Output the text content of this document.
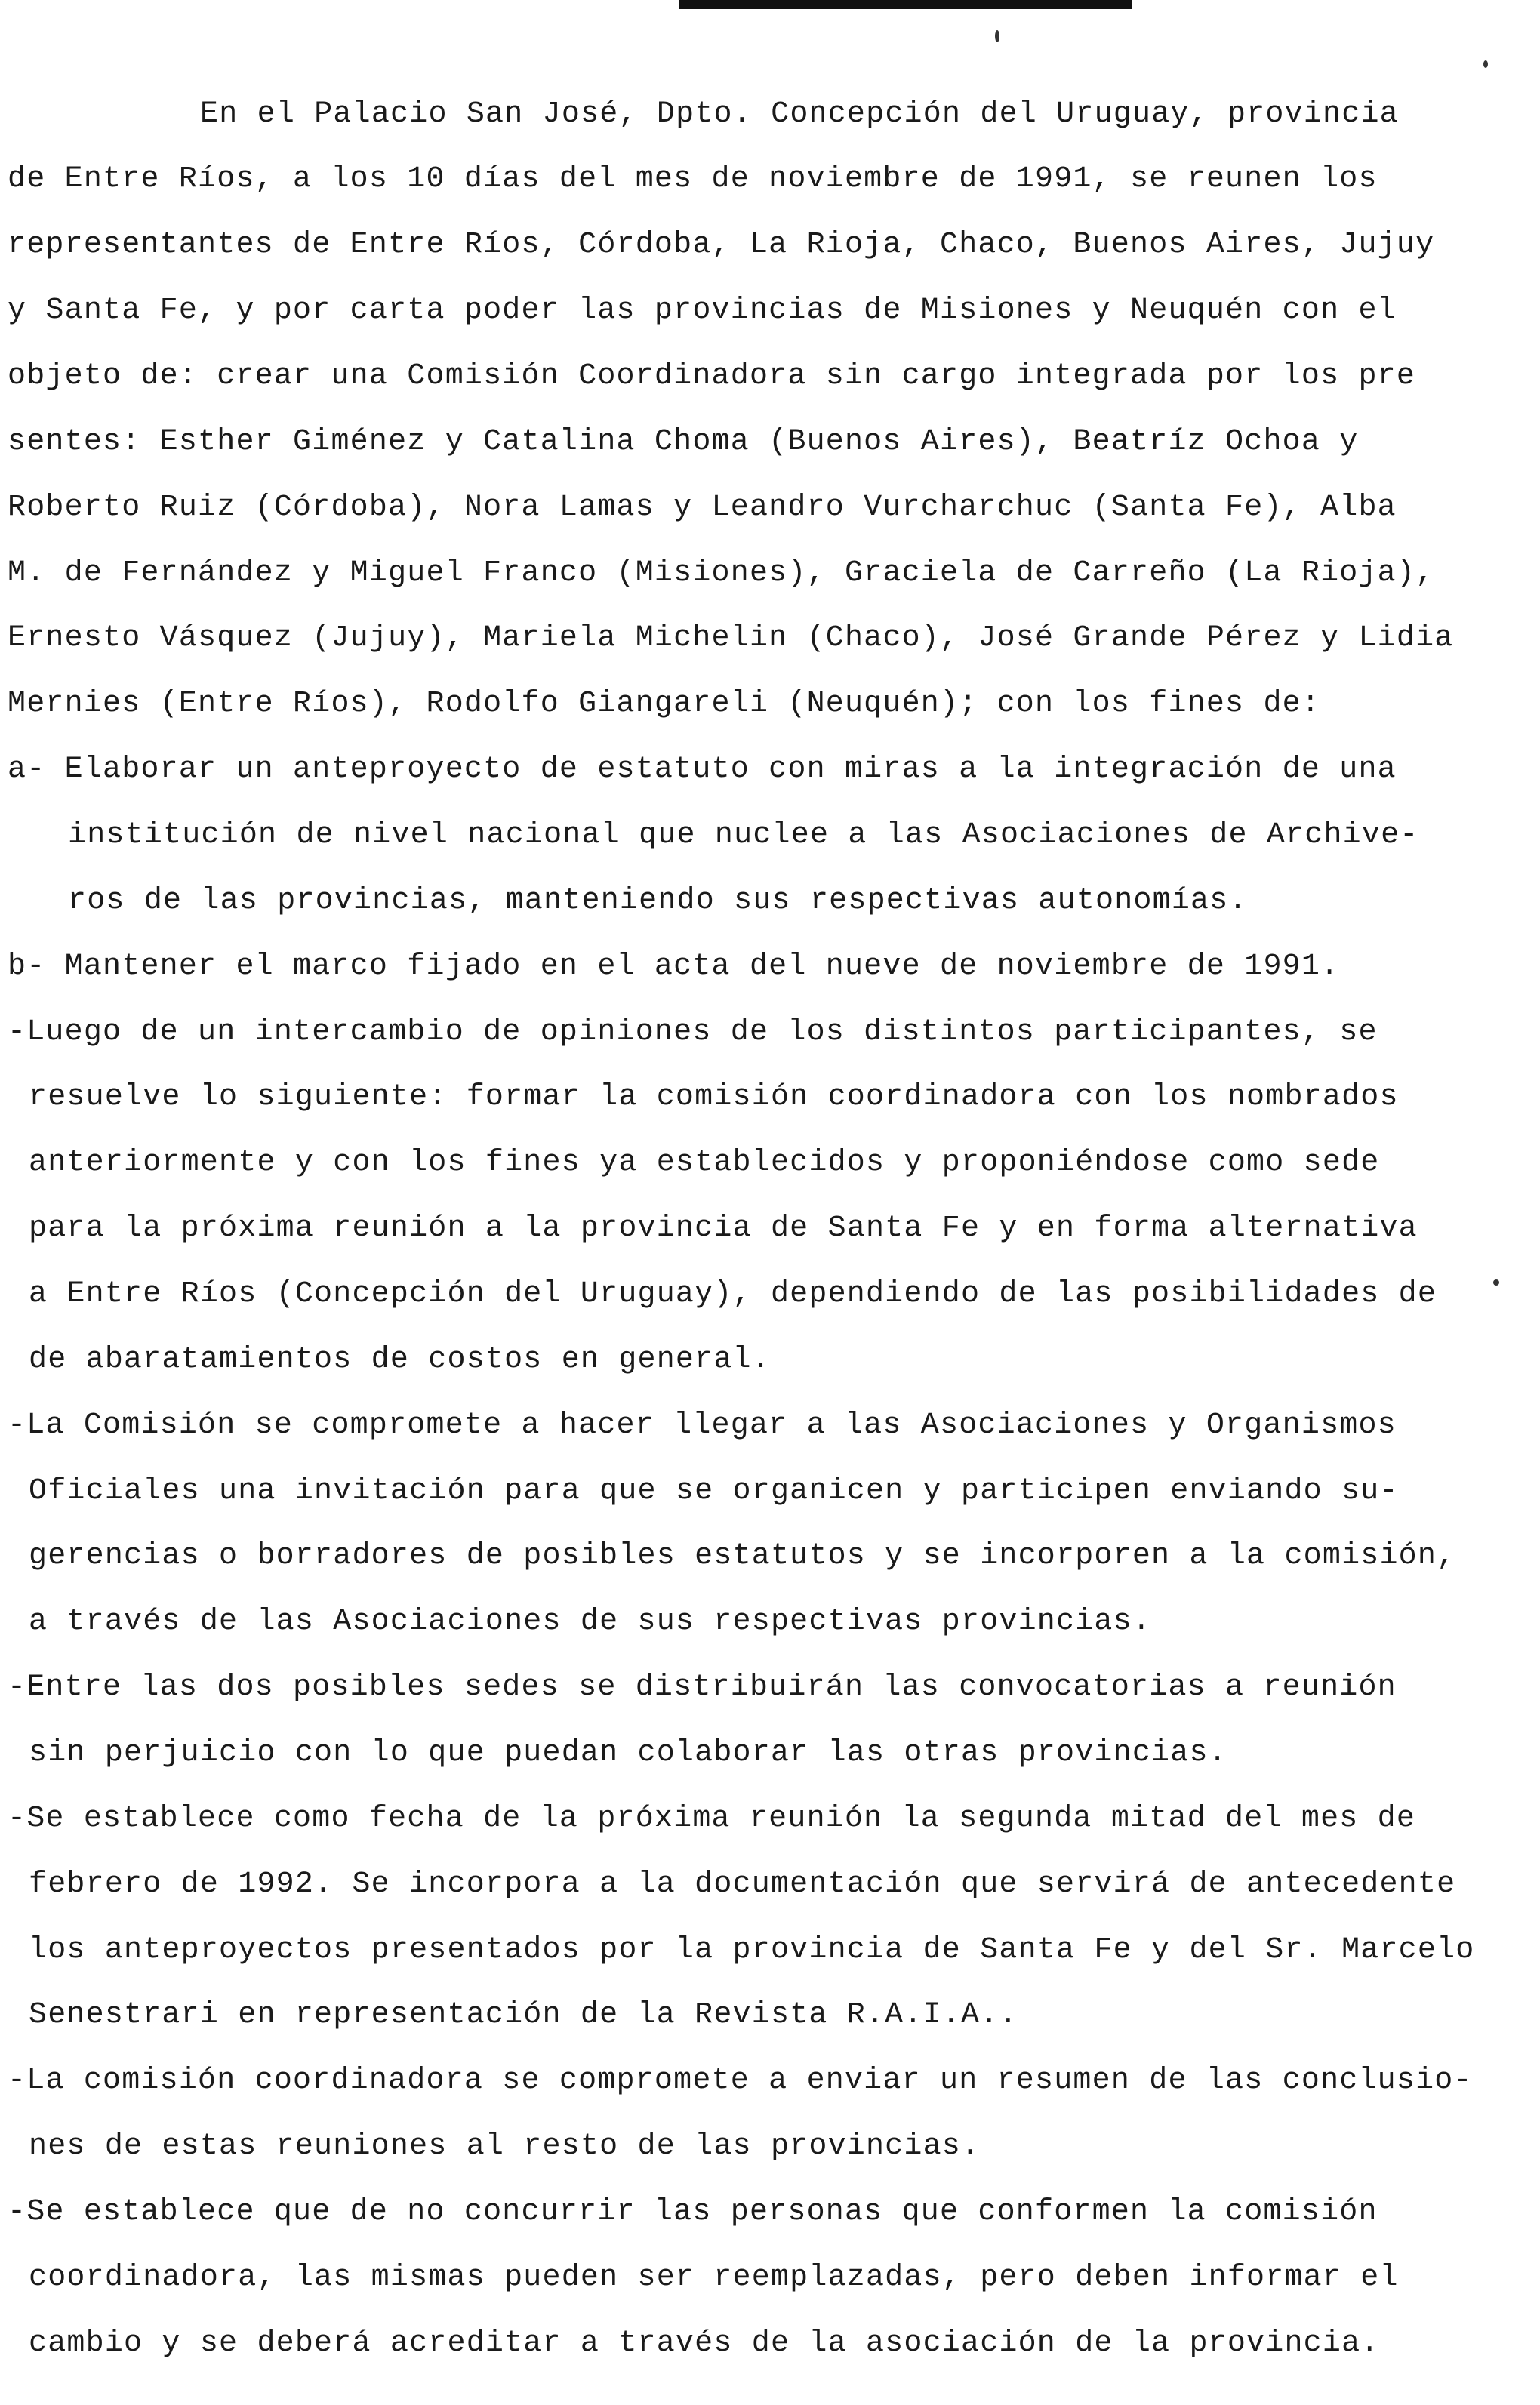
En el Palacio San José, Dpto. Concepción del Uruguay, provincia
de Entre Ríos, a los 10 días del mes de noviembre de 1991, se reunen los
representantes de Entre Ríos, Córdoba, La Rioja, Chaco, Buenos Aires, Jujuy
y Santa Fe, y por carta poder las provincias de Misiones y Neuquén con el
objeto de: crear una Comisión Coordinadora sin cargo integrada por los pre
sentes: Esther Giménez y Catalina Choma (Buenos Aires), Beatríz Ochoa y
Roberto Ruiz (Córdoba), Nora Lamas y Leandro Vurcharchuc (Santa Fe), Alba
M. de Fernández y Miguel Franco (Misiones), Graciela de Carreño (La Rioja),
Ernesto Vásquez (Jujuy), Mariela Michelin (Chaco), José Grande Pérez y Lidia
Mernies (Entre Ríos), Rodolfo Giangareli (Neuquén); con los fines de:
a- Elaborar un anteproyecto de estatuto con miras a la integración de una
institución de nivel nacional que nuclee a las Asociaciones de Archive-
ros de las provincias, manteniendo sus respectivas autonomías.
b- Mantener el marco fijado en el acta del nueve de noviembre de 1991.
-Luego de un intercambio de opiniones de los distintos participantes, se
resuelve lo siguiente: formar la comisión coordinadora con los nombrados
anteriormente y con los fines ya establecidos y proponiéndose como sede
para la próxima reunión a la provincia de Santa Fe y en forma alternativa
a Entre Ríos (Concepción del Uruguay), dependiendo de las posibilidades de
de abaratamientos de costos en general.
-La Comisión se compromete a hacer llegar a las Asociaciones y Organismos
Oficiales una invitación para que se organicen y participen enviando su-
gerencias o borradores de posibles estatutos y se incorporen a la comisión,
a través de las Asociaciones de sus respectivas provincias.
-Entre las dos posibles sedes se distribuirán las convocatorias a reunión
sin perjuicio con lo que puedan colaborar las otras provincias.
-Se establece como fecha de la próxima reunión la segunda mitad del mes de
febrero de 1992. Se incorpora a la documentación que servirá de antecedente
los anteproyectos presentados por la provincia de Santa Fe y del Sr. Marcelo
Senestrari en representación de la Revista R.A.I.A..
-La comisión coordinadora se compromete a enviar un resumen de las conclusio-
nes de estas reuniones al resto de las provincias.
-Se establece que de no concurrir las personas que conformen la comisión
coordinadora, las mismas pueden ser reemplazadas, pero deben informar el
cambio y se deberá acreditar a través de la asociación de la provincia.
